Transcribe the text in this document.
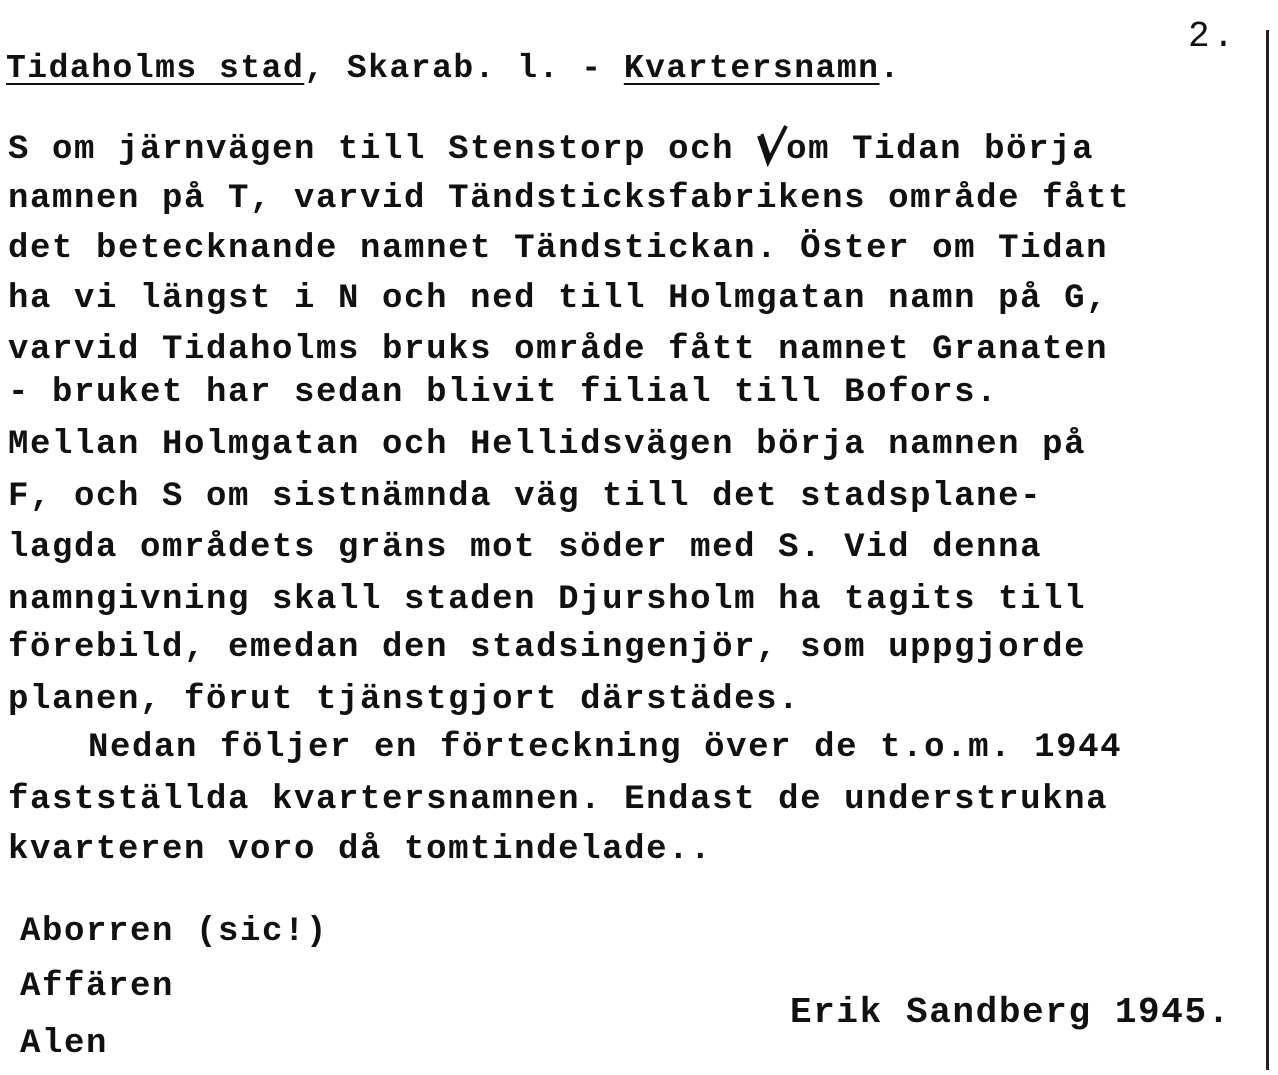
2.
Tidaholms stad, Skarab. l. - Kvartersnamn.
S om järnvägen till Stenstorp och
om Tidan börja
namnen på T, varvid Tändsticksfabrikens område fått
det betecknande namnet Tändstickan. Öster om Tidan
ha vi längst i N och ned till Holmgatan namn på G,
varvid Tidaholms bruks område fått namnet Granaten
- bruket har sedan blivit filial till Bofors.
Mellan Holmgatan och Hellidsvägen börja namnen på
F, och S om sistnämnda väg till det stadsplane-
lagda områdets gräns mot söder med S. Vid denna
namngivning skall staden Djursholm ha tagits till
förebild, emedan den stadsingenjör, som uppgjorde
planen, förut tjänstgjort därstädes.
Nedan följer en förteckning över de t.o.m. 1944
fastställda kvartersnamnen. Endast de understrukna
kvarteren voro då tomtindelade..
Aborren (sic!)
Affären
Alen
Erik Sandberg 1945.
